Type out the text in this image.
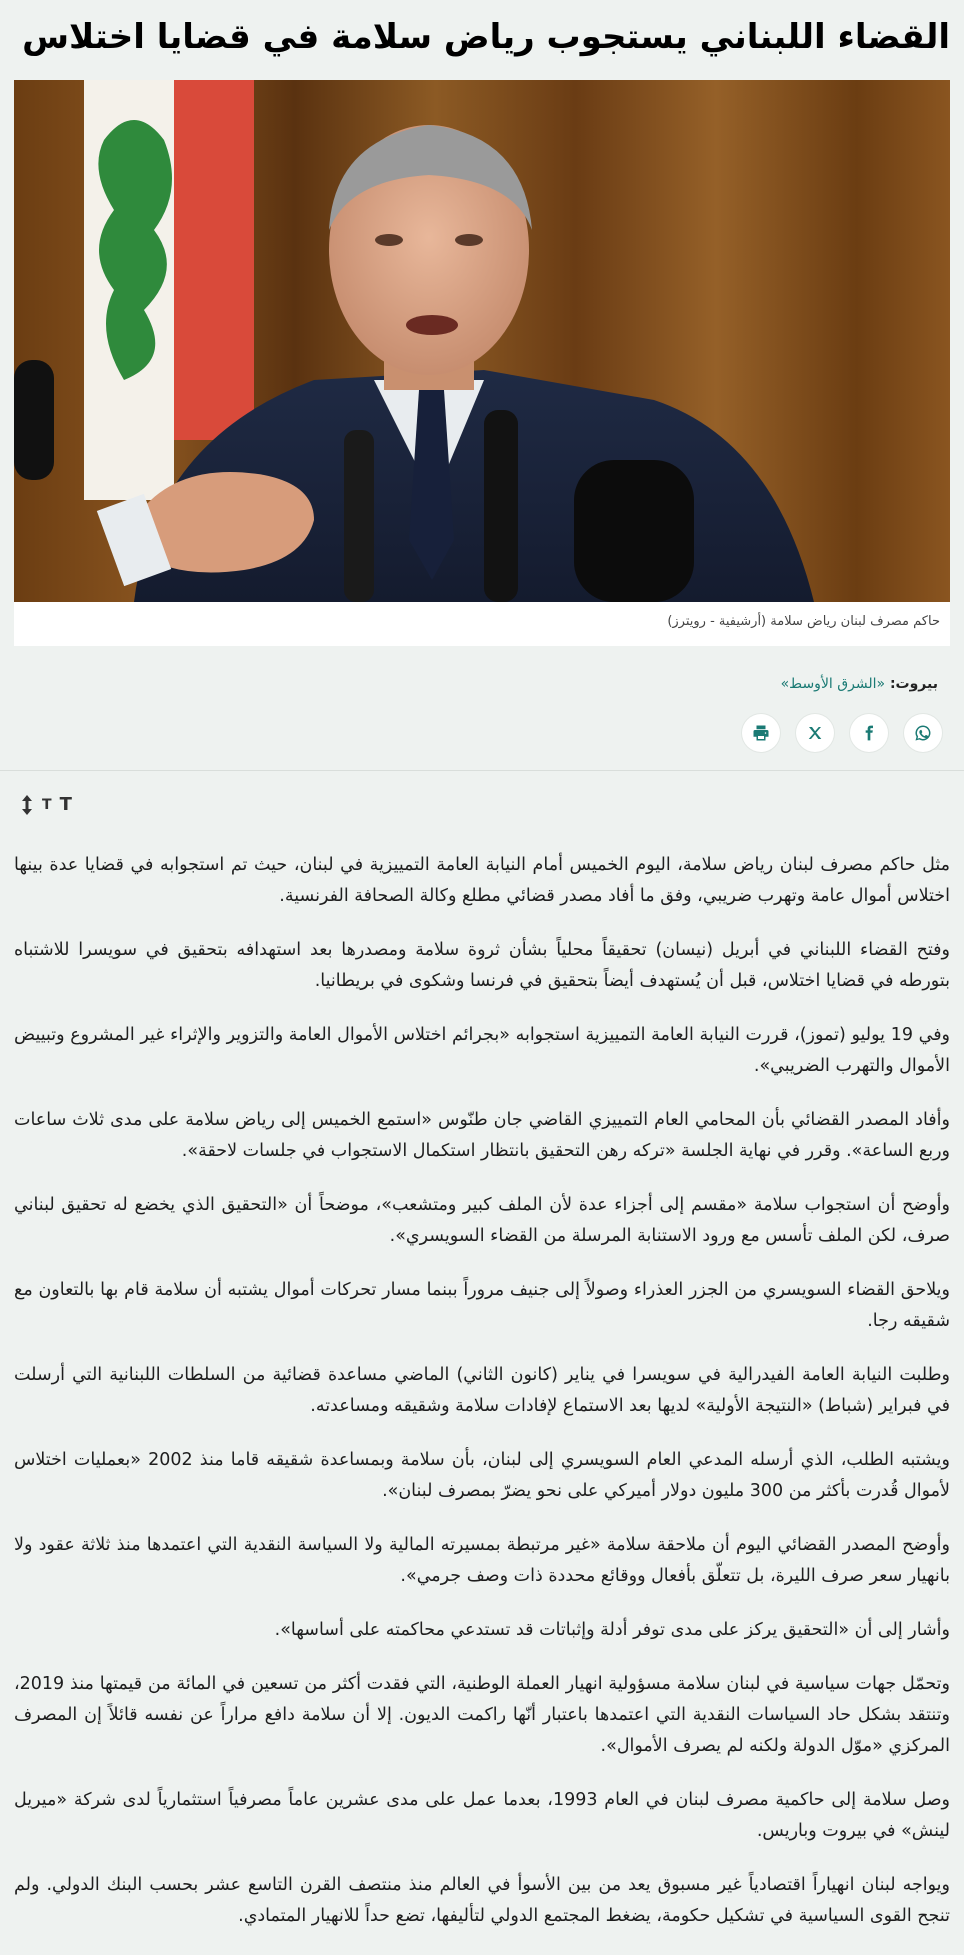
القضاء اللبناني يستجوب رياض سلامة في قضايا اختلاس
حاكم مصرف لبنان رياض سلامة (أرشيفية - رويترز)
بيروت: «الشرق الأوسط»
T T

مثل حاكم مصرف لبنان رياض سلامة، اليوم الخميس أمام النيابة العامة التمييزية في لبنان، حيث تم استجوابه في قضايا عدة بينها اختلاس أموال عامة وتهرب ضريبي، وفق ما أفاد مصدر قضائي مطلع وكالة الصحافة الفرنسية.

وفتح القضاء اللبناني في أبريل (نيسان) تحقيقاً محلياً بشأن ثروة سلامة ومصدرها بعد استهدافه بتحقيق في سويسرا للاشتباه بتورطه في قضايا اختلاس، قبل أن يُستهدف أيضاً بتحقيق في فرنسا وشكوى في بريطانيا.

وفي 19 يوليو (تموز)، قررت النيابة العامة التمييزية استجوابه «بجرائم اختلاس الأموال العامة والتزوير والإثراء غير المشروع وتبييض الأموال والتهرب الضريبي».

وأفاد المصدر القضائي بأن المحامي العام التمييزي القاضي جان طنّوس «استمع الخميس إلى رياض سلامة على مدى ثلاث ساعات وربع الساعة». وقرر في نهاية الجلسة «تركه رهن التحقيق بانتظار استكمال الاستجواب في جلسات لاحقة».

وأوضح أن استجواب سلامة «مقسم إلى أجزاء عدة لأن الملف كبير ومتشعب»، موضحاً أن «التحقيق الذي يخضع له تحقيق لبناني صرف، لكن الملف تأسس مع ورود الاستنابة المرسلة من القضاء السويسري».

ويلاحق القضاء السويسري من الجزر العذراء وصولاً إلى جنيف مروراً ببنما مسار تحركات أموال يشتبه أن سلامة قام بها بالتعاون مع شقيقه رجا.

وطلبت النيابة العامة الفيدرالية في سويسرا في يناير (كانون الثاني) الماضي مساعدة قضائية من السلطات اللبنانية التي أرسلت في فبراير (شباط) «النتيجة الأولية» لديها بعد الاستماع لإفادات سلامة وشقيقه ومساعدته.

ويشتبه الطلب، الذي أرسله المدعي العام السويسري إلى لبنان، بأن سلامة وبمساعدة شقيقه قاما منذ 2002 «بعمليات اختلاس لأموال قُدرت بأكثر من 300 مليون دولار أميركي على نحو يضرّ بمصرف لبنان».

وأوضح المصدر القضائي اليوم أن ملاحقة سلامة «غير مرتبطة بمسيرته المالية ولا السياسة النقدية التي اعتمدها منذ ثلاثة عقود ولا بانهيار سعر صرف الليرة، بل تتعلّق بأفعال ووقائع محددة ذات وصف جرمي».

وأشار إلى أن «التحقيق يركز على مدى توفر أدلة وإثباتات قد تستدعي محاكمته على أساسها».

وتحمّل جهات سياسية في لبنان سلامة مسؤولية انهيار العملة الوطنية، التي فقدت أكثر من تسعين في المائة من قيمتها منذ 2019، وتنتقد بشكل حاد السياسات النقدية التي اعتمدها باعتبار أنّها راكمت الديون. إلا أن سلامة دافع مراراً عن نفسه قائلاً إن المصرف المركزي «موّل الدولة ولكنه لم يصرف الأموال».

وصل سلامة إلى حاكمية مصرف لبنان في العام 1993، بعدما عمل على مدى عشرين عاماً مصرفياً استثمارياً لدى شركة «ميريل لينش» في بيروت وباريس.

ويواجه لبنان انهياراً اقتصادياً غير مسبوق يعد من بين الأسوأ في العالم منذ منتصف القرن التاسع عشر بحسب البنك الدولي. ولم تنجح القوى السياسية في تشكيل حكومة، يضغط المجتمع الدولي لتأليفها، تضع حداً للانهيار المتمادي.
